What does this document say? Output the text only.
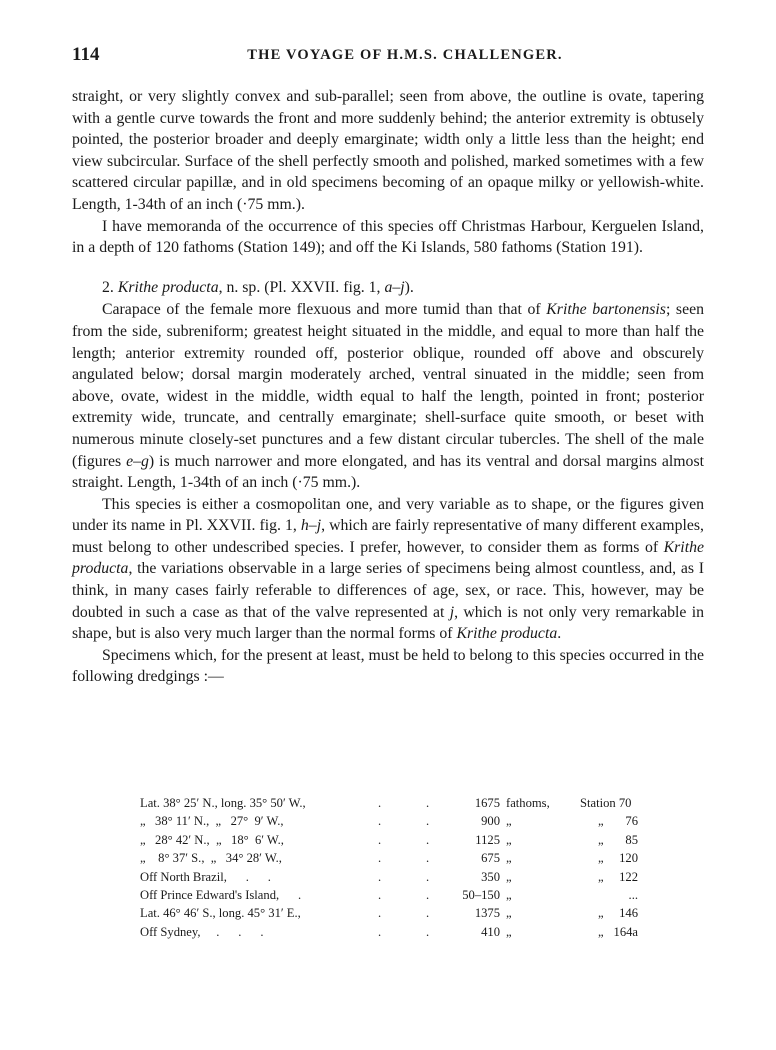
114	THE VOYAGE OF H.M.S. CHALLENGER.

straight, or very slightly convex and sub-parallel; seen from above, the outline is ovate, tapering with a gentle curve towards the front and more suddenly behind; the anterior extremity is obtusely pointed, the posterior broader and deeply emarginate; width only a little less than the height; end view subcircular. Surface of the shell perfectly smooth and polished, marked sometimes with a few scattered circular papillæ, and in old specimens becoming of an opaque milky or yellowish-white. Length, 1-34th of an inch (·75 mm.).

I have memoranda of the occurrence of this species off Christmas Harbour, Kerguelen Island, in a depth of 120 fathoms (Station 149); and off the Ki Islands, 580 fathoms (Station 191).

2. Krithe producta, n. sp. (Pl. XXVII. fig. 1, a–j).

Carapace of the female more flexuous and more tumid than that of Krithe bartonensis; seen from the side, subreniform; greatest height situated in the middle, and equal to more than half the length; anterior extremity rounded off, posterior oblique, rounded off above and obscurely angulated below; dorsal margin moderately arched, ventral sinuated in the middle; seen from above, ovate, widest in the middle, width equal to half the length, pointed in front; posterior extremity wide, truncate, and centrally emarginate; shell-surface quite smooth, or beset with numerous minute closely-set punctures and a few distant circular tubercles. The shell of the male (figures e–g) is much narrower and more elongated, and has its ventral and dorsal margins almost straight. Length, 1-34th of an inch (·75 mm.).

This species is either a cosmopolitan one, and very variable as to shape, or the figures given under its name in Pl. XXVII. fig. 1, h–j, which are fairly representative of many different examples, must belong to other undescribed species. I prefer, however, to consider them as forms of Krithe producta, the variations observable in a large series of specimens being almost countless, and, as I think, in many cases fairly referable to differences of age, sex, or race. This, however, may be doubted in such a case as that of the valve represented at j, which is not only very remarkable in shape, but is also very much larger than the normal forms of Krithe producta.

Specimens which, for the present at least, must be held to belong to this species occurred in the following dredgings :—

Lat. 38° 25′ N., long. 35° 50′ W.,	.	.	1675 fathoms, Station 70
„   38° 11′ N.,  „   27°  9′ W.,	.	.	900 „	„	76
„   28° 42′ N.,  „   18°  6′ W.,	.	.	1125 „	„	85
„    8° 37′ S.,  „   34° 28′ W.,	.	.	675 „	„	120
Off North Brazil,      .      .	.	.	350 „	„	122
Off Prince Edward's Island,      .	.	.	50–150 „	...
Lat. 46° 46′ S., long. 45° 31′ E.,	.	.	1375 „	„	146
Off Sydney,     .      .      .	.	.	410 „	„ 164a
